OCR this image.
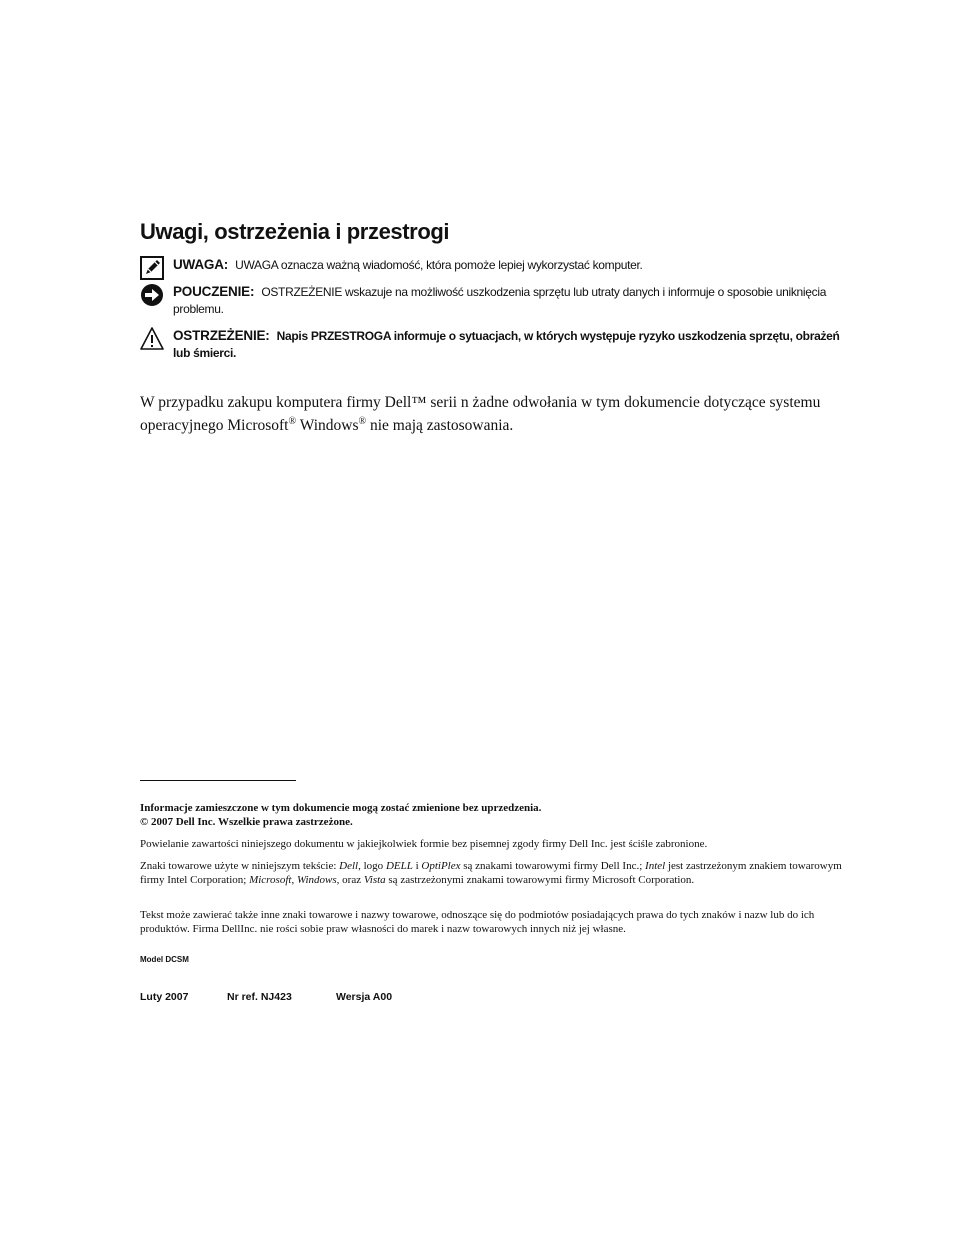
Uwagi, ostrzeżenia i przestrogi
UWAGA: UWAGA oznacza ważną wiadomość, która pomoże lepiej wykorzystać komputer.
POUCZENIE: OSTRZEŻENIE wskazuje na możliwość uszkodzenia sprzętu lub utraty danych i informuje o sposobie uniknięcia problemu.
OSTRZEŻENIE: Napis PRZESTROGA informuje o sytuacjach, w których występuje ryzyko uszkodzenia sprzętu, obrażeń lub śmierci.

W przypadku zakupu komputera firmy Dell™ serii n żadne odwołania w tym dokumencie dotyczące systemu operacyjnego Microsoft® Windows® nie mają zastosowania.

Informacje zamieszczone w tym dokumencie mogą zostać zmienione bez uprzedzenia.
© 2007 Dell Inc. Wszelkie prawa zastrzeżone.

Powielanie zawartości niniejszego dokumentu w jakiejkolwiek formie bez pisemnej zgody firmy Dell Inc. jest ściśle zabronione.

Znaki towarowe użyte w niniejszym tekście: Dell, logo DELL i OptiPlex są znakami towarowymi firmy Dell Inc.; Intel jest zastrzeżonym znakiem towarowym firmy Intel Corporation; Microsoft, Windows, oraz Vista są zastrzeżonymi znakami towarowymi firmy Microsoft Corporation.

Tekst może zawierać także inne znaki towarowe i nazwy towarowe, odnoszące się do podmiotów posiadających prawa do tych znaków i nazw lub do ich produktów. Firma DellInc. nie rości sobie praw własności do marek i nazw towarowych innych niż jej własne.

Model DCSM

Luty 2007	Nr ref. NJ423	Wersja A00
